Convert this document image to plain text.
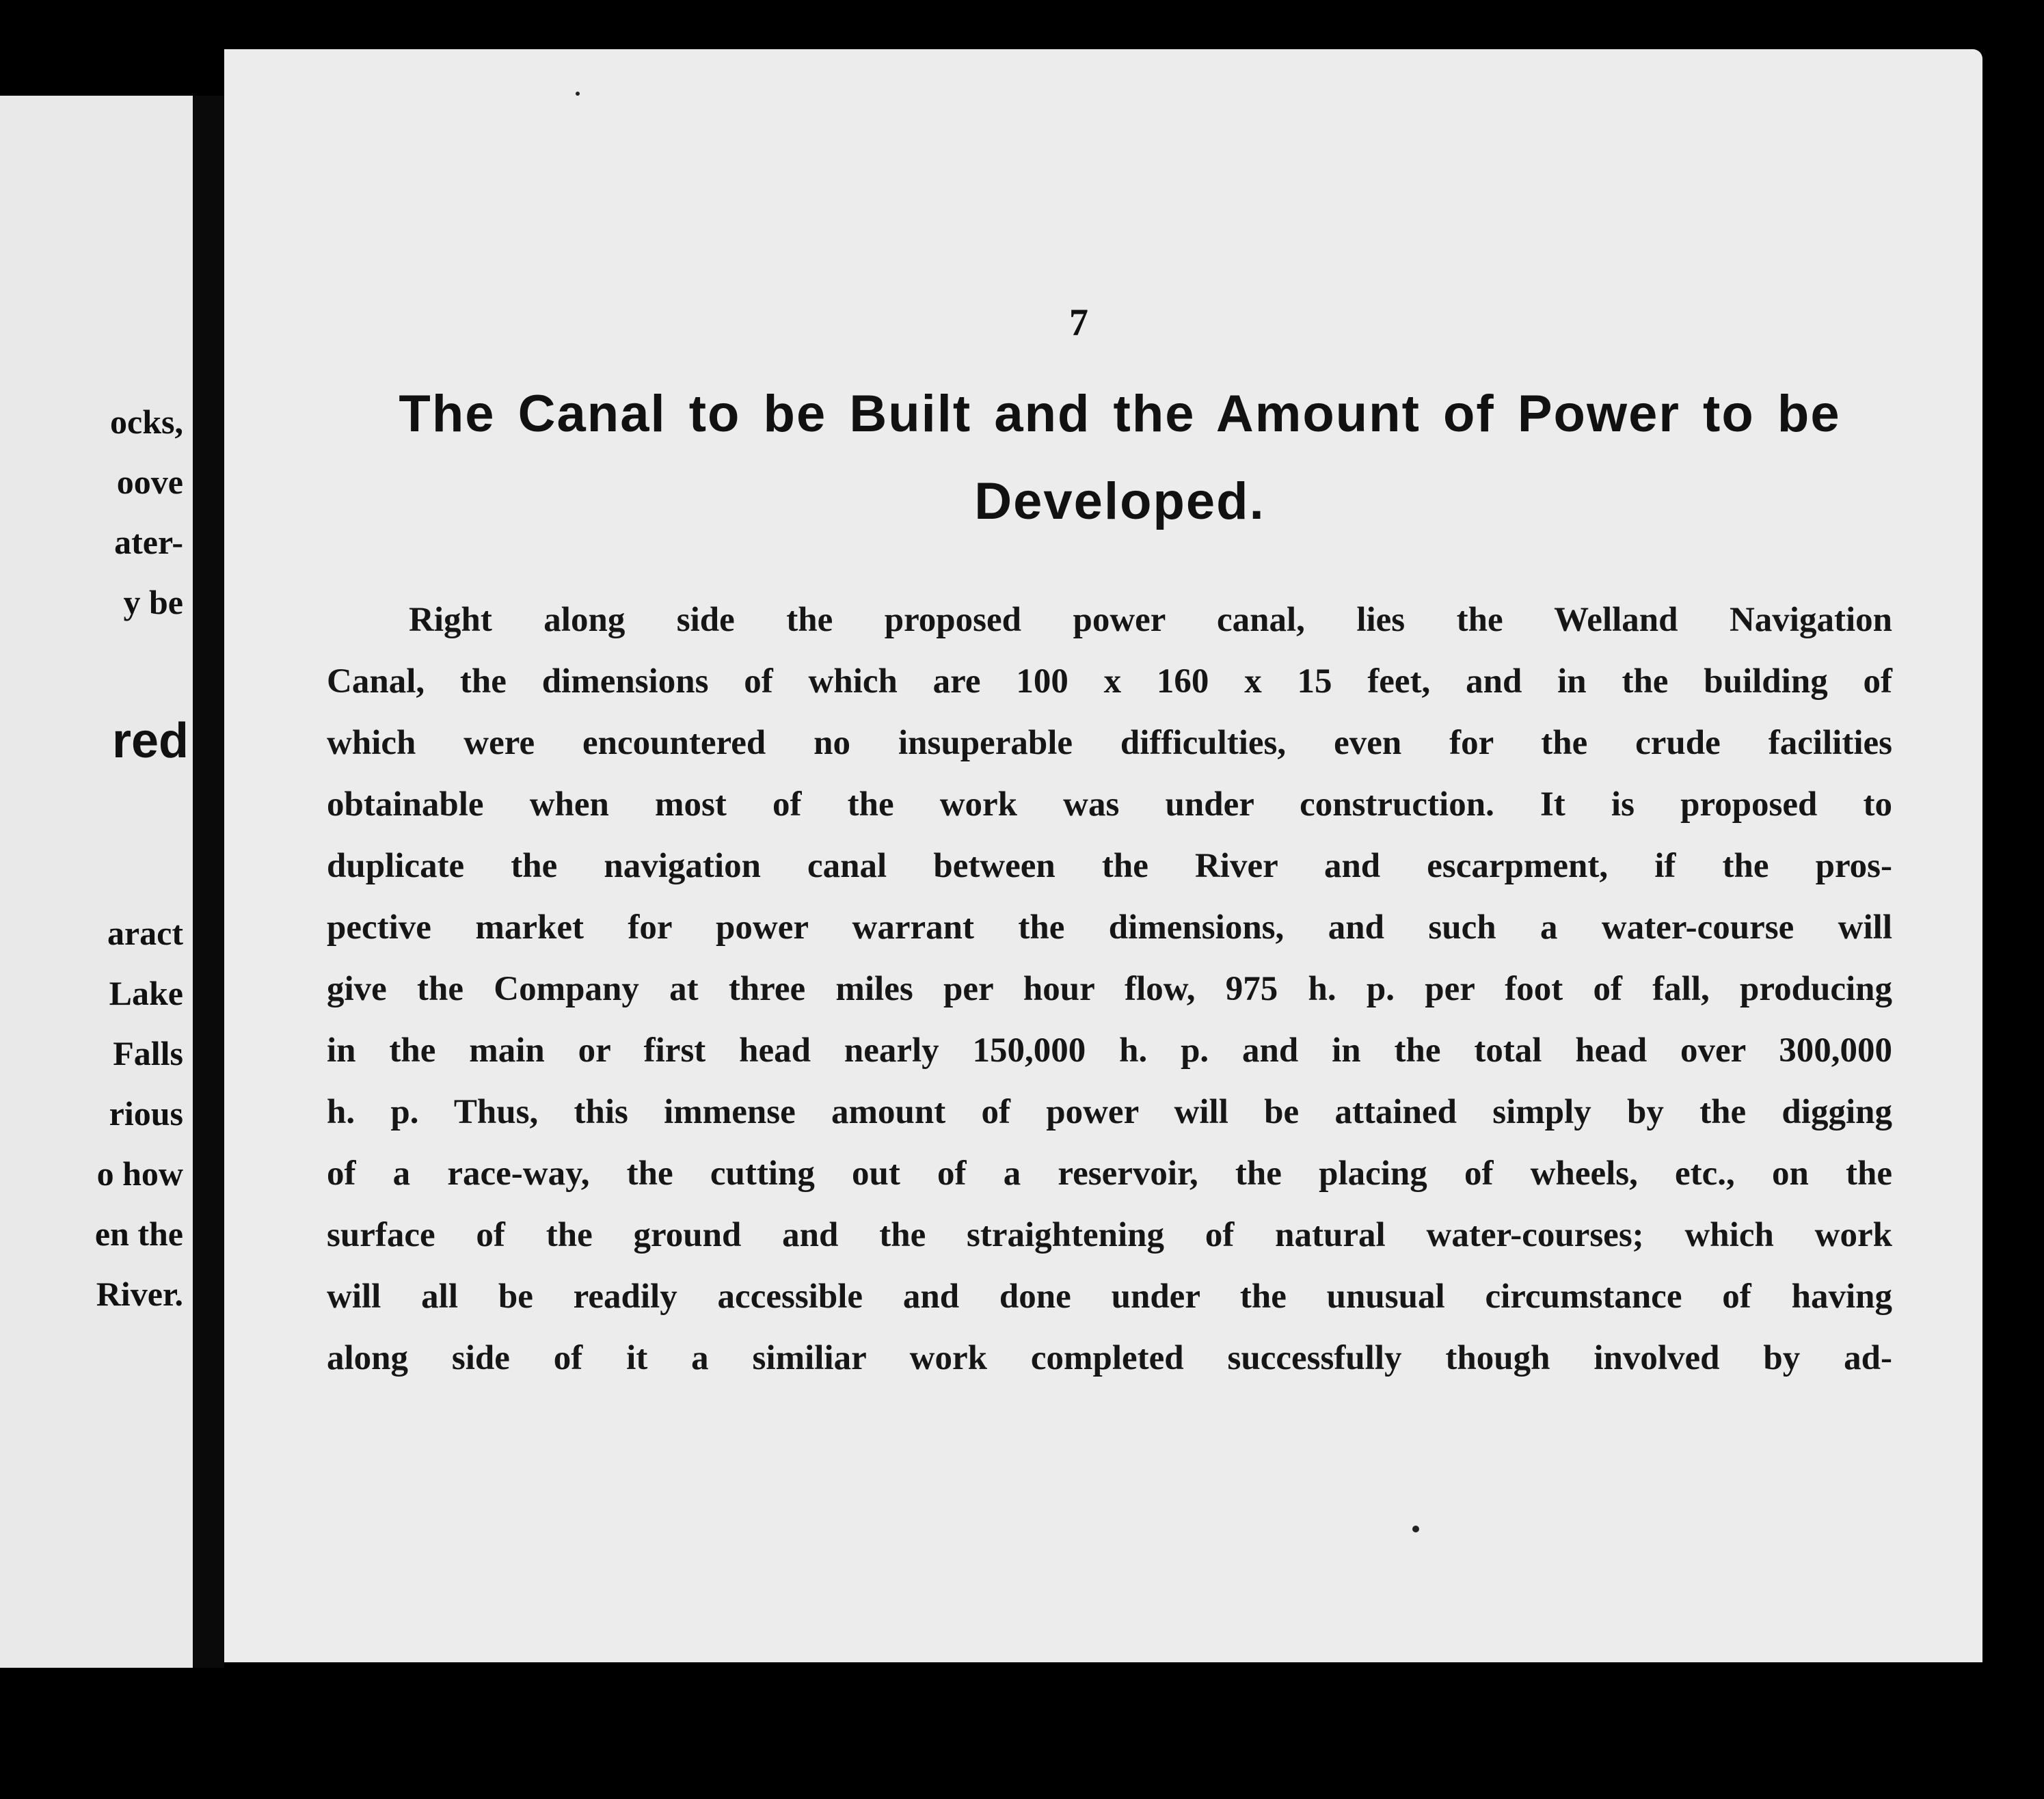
ocks,

oove

ater-

y be

red

aract

Lake

Falls

rious

o how

en the

River.

7

The Canal to be Built and the Amount of Power to be Developed.
Right along side the proposed power canal, lies the Welland Navigation
Canal, the dimensions of which are 100 x 160 x 15 feet, and in the building of
which were encountered no insuperable difficulties, even for the crude facilities
obtainable when most of the work was under construction. It is proposed to
duplicate the navigation canal between the River and escarpment, if the pros-
pective market for power warrant the dimensions, and such a water-course will
give the Company at three miles per hour flow, 975 h. p. per foot of fall, producing
in the main or first head nearly 150,000 h. p. and in the total head over 300,000
h. p. Thus, this immense amount of power will be attained simply by the digging
of a race-way, the cutting out of a reservoir, the placing of wheels, etc., on the
surface of the ground and the straightening of natural water-courses; which work
will all be readily accessible and done under the unusual circumstance of having
along side of it a similiar work completed successfully though involved by ad-
